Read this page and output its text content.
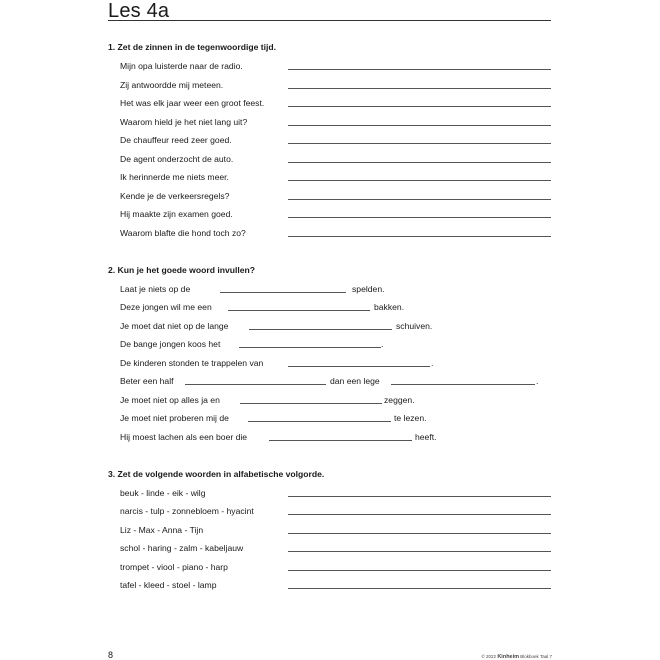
Les 4a
1. Zet de zinnen in de tegenwoordige tijd.
Mijn opa luisterde naar de radio.
Zij antwoordde mij meteen.
Het was elk jaar weer een groot feest.
Waarom hield je het niet lang uit?
De chauffeur reed zeer goed.
De agent onderzocht de auto.
Ik herinnerde me niets meer.
Kende je de verkeersregels?
Hij maakte zijn examen goed.
Waarom blafte die hond toch zo?
2. Kun je het goede woord invullen?
Laat je niets op de	spelden.
Deze jongen wil me een	bakken.
Je moet dat niet op de lange	schuiven.
De bange jongen koos het	.
De kinderen stonden te trappelen van	.
Beter een half	dan een lege	.
Je moet niet op alles ja en	zeggen.
Je moet niet proberen mij de	te lezen.
Hij moest lachen als een boer die	heeft.
3. Zet de volgende woorden in alfabetische volgorde.
beuk - linde - eik - wilg
narcis - tulp - zonnebloem - hyacint
Liz - Max - Anna - Tijn
schol - haring - zalm - kabeljauw
trompet - viool - piano - harp
tafel - kleed - stoel - lamp
8	© 2022 Kinheim Blokboek Taal 7
